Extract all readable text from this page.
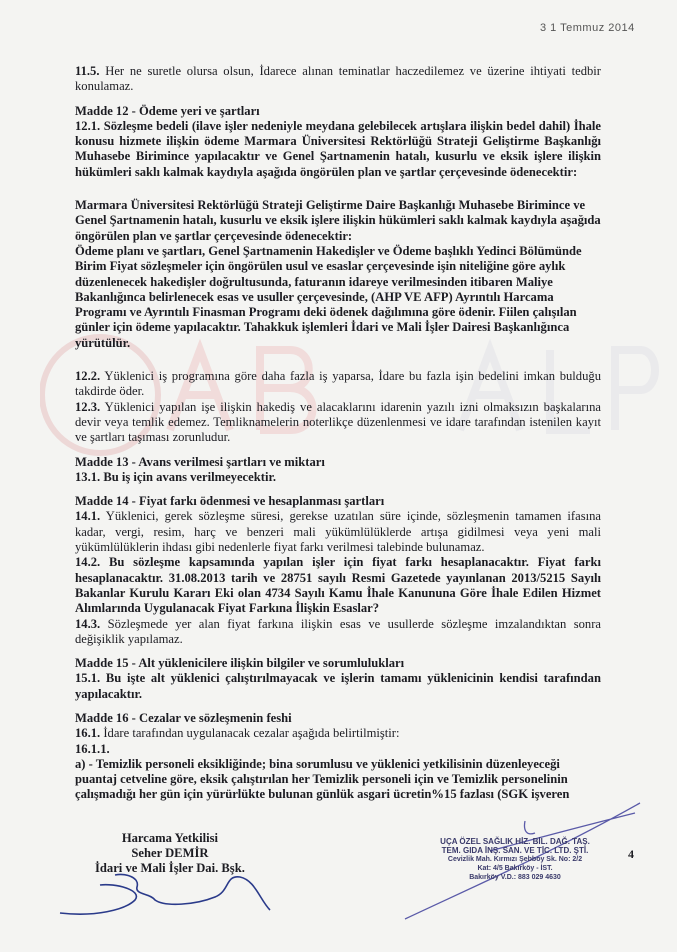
3 1 Temmuz 2014

11.5. Her ne suretle olursa olsun, İdarece alınan teminatlar haczedilemez ve üzerine ihtiyati tedbir konulamaz.

Madde 12 - Ödeme yeri ve şartları

12.1. Sözleşme bedeli (ilave işler nedeniyle meydana gelebilecek artışlara ilişkin bedel dahil) İhale konusu hizmete ilişkin ödeme Marmara Üniversitesi Rektörlüğü Strateji Geliştirme Başkanlığı Muhasebe Birimince yapılacaktır ve Genel Şartnamenin hatalı, kusurlu ve eksik işlere ilişkin hükümleri saklı kalmak kaydıyla aşağıda öngörülen plan ve şartlar çerçevesinde ödenecektir:

Marmara Üniversitesi Rektörlüğü Strateji Geliştirme Daire Başkanlığı Muhasebe Birimince ve Genel Şartnamenin hatalı, kusurlu ve eksik işlere ilişkin hükümleri saklı kalmak kaydıyla aşağıda öngörülen plan ve şartlar çerçevesinde ödenecektir:

Ödeme planı ve şartları, Genel Şartnamenin Hakedişler ve Ödeme başlıklı Yedinci Bölümünde Birim Fiyat sözleşmeler için öngörülen usul ve esaslar çerçevesinde işin niteliğine göre aylık düzenlenecek hakedişler doğrultusunda, faturanın idareye verilmesinden itibaren Maliye Bakanlığınca belirlenecek esas ve usuller çerçevesinde, (AHP VE AFP) Ayrıntılı Harcama Programı ve Ayrıntılı Finasman Programı deki ödenek dağılımına göre ödenir. Fiilen çalışılan günler için ödeme yapılacaktır. Tahakkuk işlemleri İdari ve Mali İşler Dairesi Başkanlığınca yürütülür.

12.2. Yüklenici iş programına göre daha fazla iş yaparsa, İdare bu fazla işin bedelini imkan bulduğu takdirde öder.

12.3. Yüklenici yapılan işe ilişkin hakediş ve alacaklarını idarenin yazılı izni olmaksızın başkalarına devir veya temlik edemez. Temliknamelerin noterlikçe düzenlenmesi ve idare tarafından istenilen kayıt ve şartları taşıması zorunludur.

Madde 13 - Avans verilmesi şartları ve miktarı

13.1. Bu iş için avans verilmeyecektir.

Madde 14 - Fiyat farkı ödenmesi ve hesaplanması şartları

14.1. Yüklenici, gerek sözleşme süresi, gerekse uzatılan süre içinde, sözleşmenin tamamen ifasına kadar, vergi, resim, harç ve benzeri mali yükümlülüklerde artışa gidilmesi veya yeni mali yükümlülüklerin ihdası gibi nedenlerle fiyat farkı verilmesi talebinde bulunamaz.

14.2. Bu sözleşme kapsamında yapılan işler için fiyat farkı hesaplanacaktır. Fiyat farkı hesaplanacaktır. 31.08.2013 tarih ve 28751 sayılı Resmi Gazetede yayınlanan 2013/5215 Sayılı Bakanlar Kurulu Kararı Eki olan 4734 Sayılı Kamu İhale Kanununa Göre İhale Edilen Hizmet Alımlarında Uygulanacak Fiyat Farkına İlişkin Esaslar?

14.3. Sözleşmede yer alan fiyat farkına ilişkin esas ve usullerde sözleşme imzalandıktan sonra değişiklik yapılamaz.

Madde 15 - Alt yüklenicilere ilişkin bilgiler ve sorumlulukları

15.1. Bu işte alt yüklenici çalıştırılmayacak ve işlerin tamamı yüklenicinin kendisi tarafından yapılacaktır.

Madde 16 - Cezalar ve sözleşmenin feshi

16.1. İdare tarafından uygulanacak cezalar aşağıda belirtilmiştir:

16.1.1.

a) - Temizlik personeli eksikliğinde; bina sorumlusu ve yüklenici yetkilisinin düzenleyeceği puantaj cetveline göre, eksik çalıştırılan her Temizlik personeli için ve Temizlik personelinin çalışmadığı her gün için yürürlükte bulunan günlük asgari ücretin%15 fazlası (SGK işveren

Harcama Yetkilisi
Seher DEMİR
İdari ve Mali İşler Dai. Bşk.
UÇA ÖZEL SAĞLIK HİZ. BİL. DAĞ. TAŞ.
TEM. GIDA İNŞ. SAN. VE TİC. LTD. ŞTİ.
Cevizlik Mah. Kırmızı Şebboy Sk. No: 2/2
Kat: 4/5 Bakırköy - İST.
Bakırköy V.D.: 883 029 4630
4
